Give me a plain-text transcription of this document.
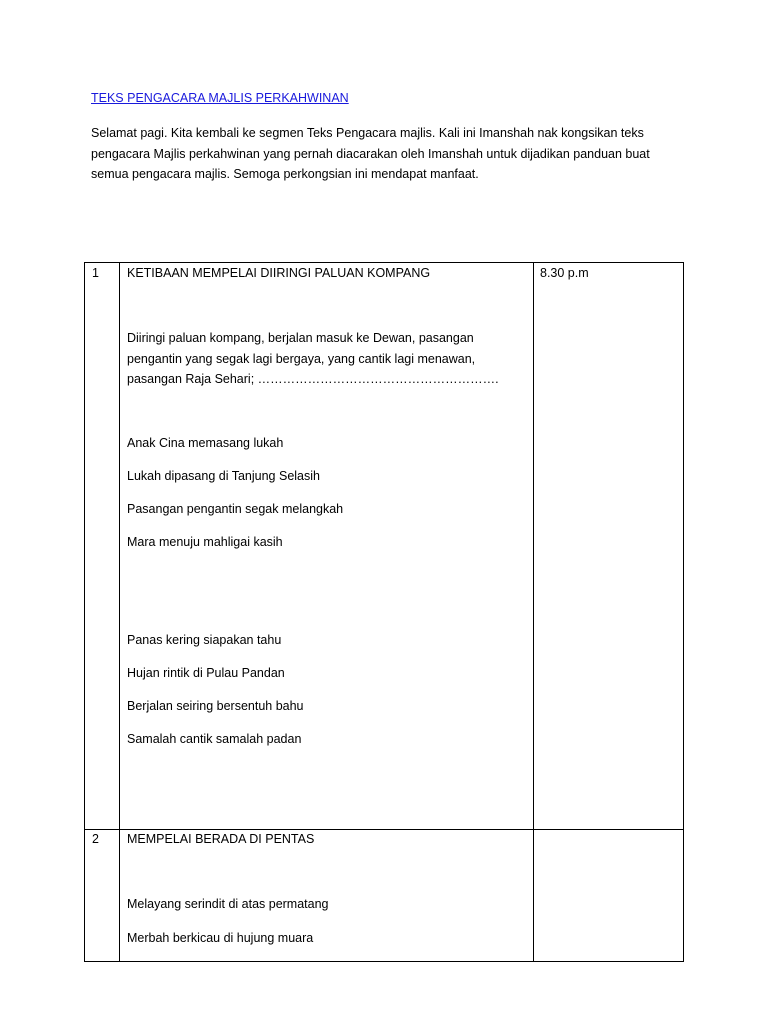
TEKS PENGACARA MAJLIS PERKAHWINAN
Selamat pagi. Kita kembali ke segmen Teks Pengacara majlis. Kali ini Imanshah nak kongsikan teks
pengacara Majlis perkahwinan yang pernah diacarakan oleh Imanshah untuk dijadikan panduan buat
semua pengacara majlis. Semoga perkongsian ini mendapat manfaat.
1 KETIBAAN MEMPELAI DIIRINGI PALUAN KOMPANG	8.30 p.m
Diiringi paluan kompang, berjalan masuk ke Dewan, pasangan
pengantin yang segak lagi bergaya, yang cantik lagi menawan,
pasangan Raja Sehari; ………………………………………………….
Anak Cina memasang lukah
Lukah dipasang di Tanjung Selasih
Pasangan pengantin segak melangkah
Mara menuju mahligai kasih
Panas kering siapakan tahu
Hujan rintik di Pulau Pandan
Berjalan seiring bersentuh bahu
Samalah cantik samalah padan
2 MEMPELAI BERADA DI PENTAS
Melayang serindit di atas permatang
Merbah berkicau di hujung muara
